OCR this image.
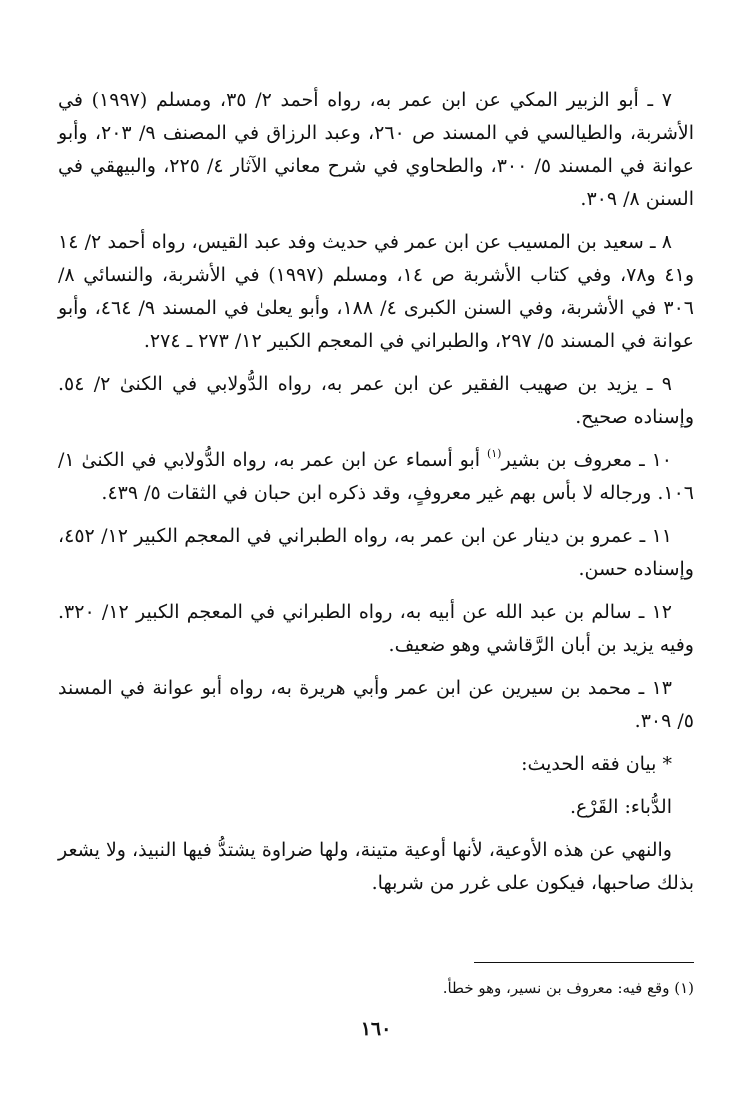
٧ ـ أبو الزبير المكي عن ابن عمر به، رواه أحمد ٢/ ٣٥، ومسلم (١٩٩٧) في الأشربة، والطيالسي في المسند ص ٢٦٠، وعبد الرزاق في المصنف ٩/ ٢٠٣، وأبو عوانة في المسند ٥/ ٣٠٠، والطحاوي في شرح معاني الآثار ٤/ ٢٢٥، والبيهقي في السنن ٨/ ٣٠٩.

٨ ـ سعيد بن المسيب عن ابن عمر في حديث وفد عبد القيس، رواه أحمد ٢/ ١٤ و٤١ و٧٨، وفي كتاب الأشربة ص ١٤، ومسلم (١٩٩٧) في الأشربة، والنسائي ٨/ ٣٠٦ في الأشربة، وفي السنن الكبرى ٤/ ١٨٨، وأبو يعلىٰ في المسند ٩/ ٤٦٤، وأبو عوانة في المسند ٥/ ٢٩٧، والطبراني في المعجم الكبير ١٢/ ٢٧٣ ـ ٢٧٤.

٩ ـ يزيد بن صهيب الفقير عن ابن عمر به، رواه الدُّولابي في الكنىٰ ٢/ ٥٤. وإسناده صحيح.

١٠ ـ معروف بن بشير$^{(١)}$ أبو أسماء عن ابن عمر به، رواه الدُّولابي في الكنىٰ ١/ ١٠٦. ورجاله لا بأس بهم غير معروفٍ، وقد ذكره ابن حبان في الثقات ٥/ ٤٣٩.

١١ ـ عمرو بن دينار عن ابن عمر به، رواه الطبراني في المعجم الكبير ١٢/ ٤٥٢، وإسناده حسن.

١٢ ـ سالم بن عبد الله عن أبيه به، رواه الطبراني في المعجم الكبير ١٢/ ٣٢٠. وفيه يزيد بن أبان الرَّقاشي وهو ضعيف.

١٣ ـ محمد بن سيرين عن ابن عمر وأبي هريرة به، رواه أبو عوانة في المسند ٥/ ٣٠٩.

* بيان فقه الحديث:

الدُّباء: القَرْع.

والنهي عن هذه الأوعية، لأنها أوعية متينة، ولها ضراوة يشتدُّ فيها النبيذ، ولا يشعر بذلك صاحبها، فيكون على غرر من شربها.

(١) وقع فيه: معروف بن نسير، وهو خطأ.
١٦٠
